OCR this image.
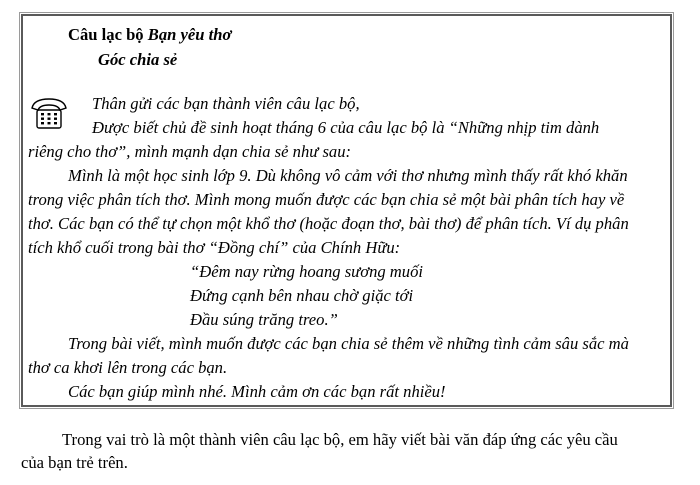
Câu lạc bộ Bạn yêu thơ
Góc chia sẻ
Thân gửi các bạn thành viên câu lạc bộ,
Được biết chủ đề sinh hoạt tháng 6 của câu lạc bộ là “Những nhịp tim dành
riêng cho thơ”, mình mạnh dạn chia sẻ như sau:
Mình là một học sinh lớp 9. Dù không vô cảm với thơ nhưng mình thấy rất khó khăn
trong việc phân tích thơ. Mình mong muốn được các bạn chia sẻ một bài phân tích hay về
thơ. Các bạn có thể tự chọn một khổ thơ (hoặc đoạn thơ, bài thơ) để phân tích. Ví dụ phân
tích khổ cuối trong bài thơ “Đồng chí” của Chính Hữu:
“Đêm nay rừng hoang sương muối
Đứng cạnh bên nhau chờ giặc tới
Đầu súng trăng treo.”
Trong bài viết, mình muốn được các bạn chia sẻ thêm về những tình cảm sâu sắc mà
thơ ca khơi lên trong các bạn.
Các bạn giúp mình nhé. Mình cảm ơn các bạn rất nhiều!
Trong vai trò là một thành viên câu lạc bộ, em hãy viết bài văn đáp ứng các yêu cầu
của bạn trẻ trên.
